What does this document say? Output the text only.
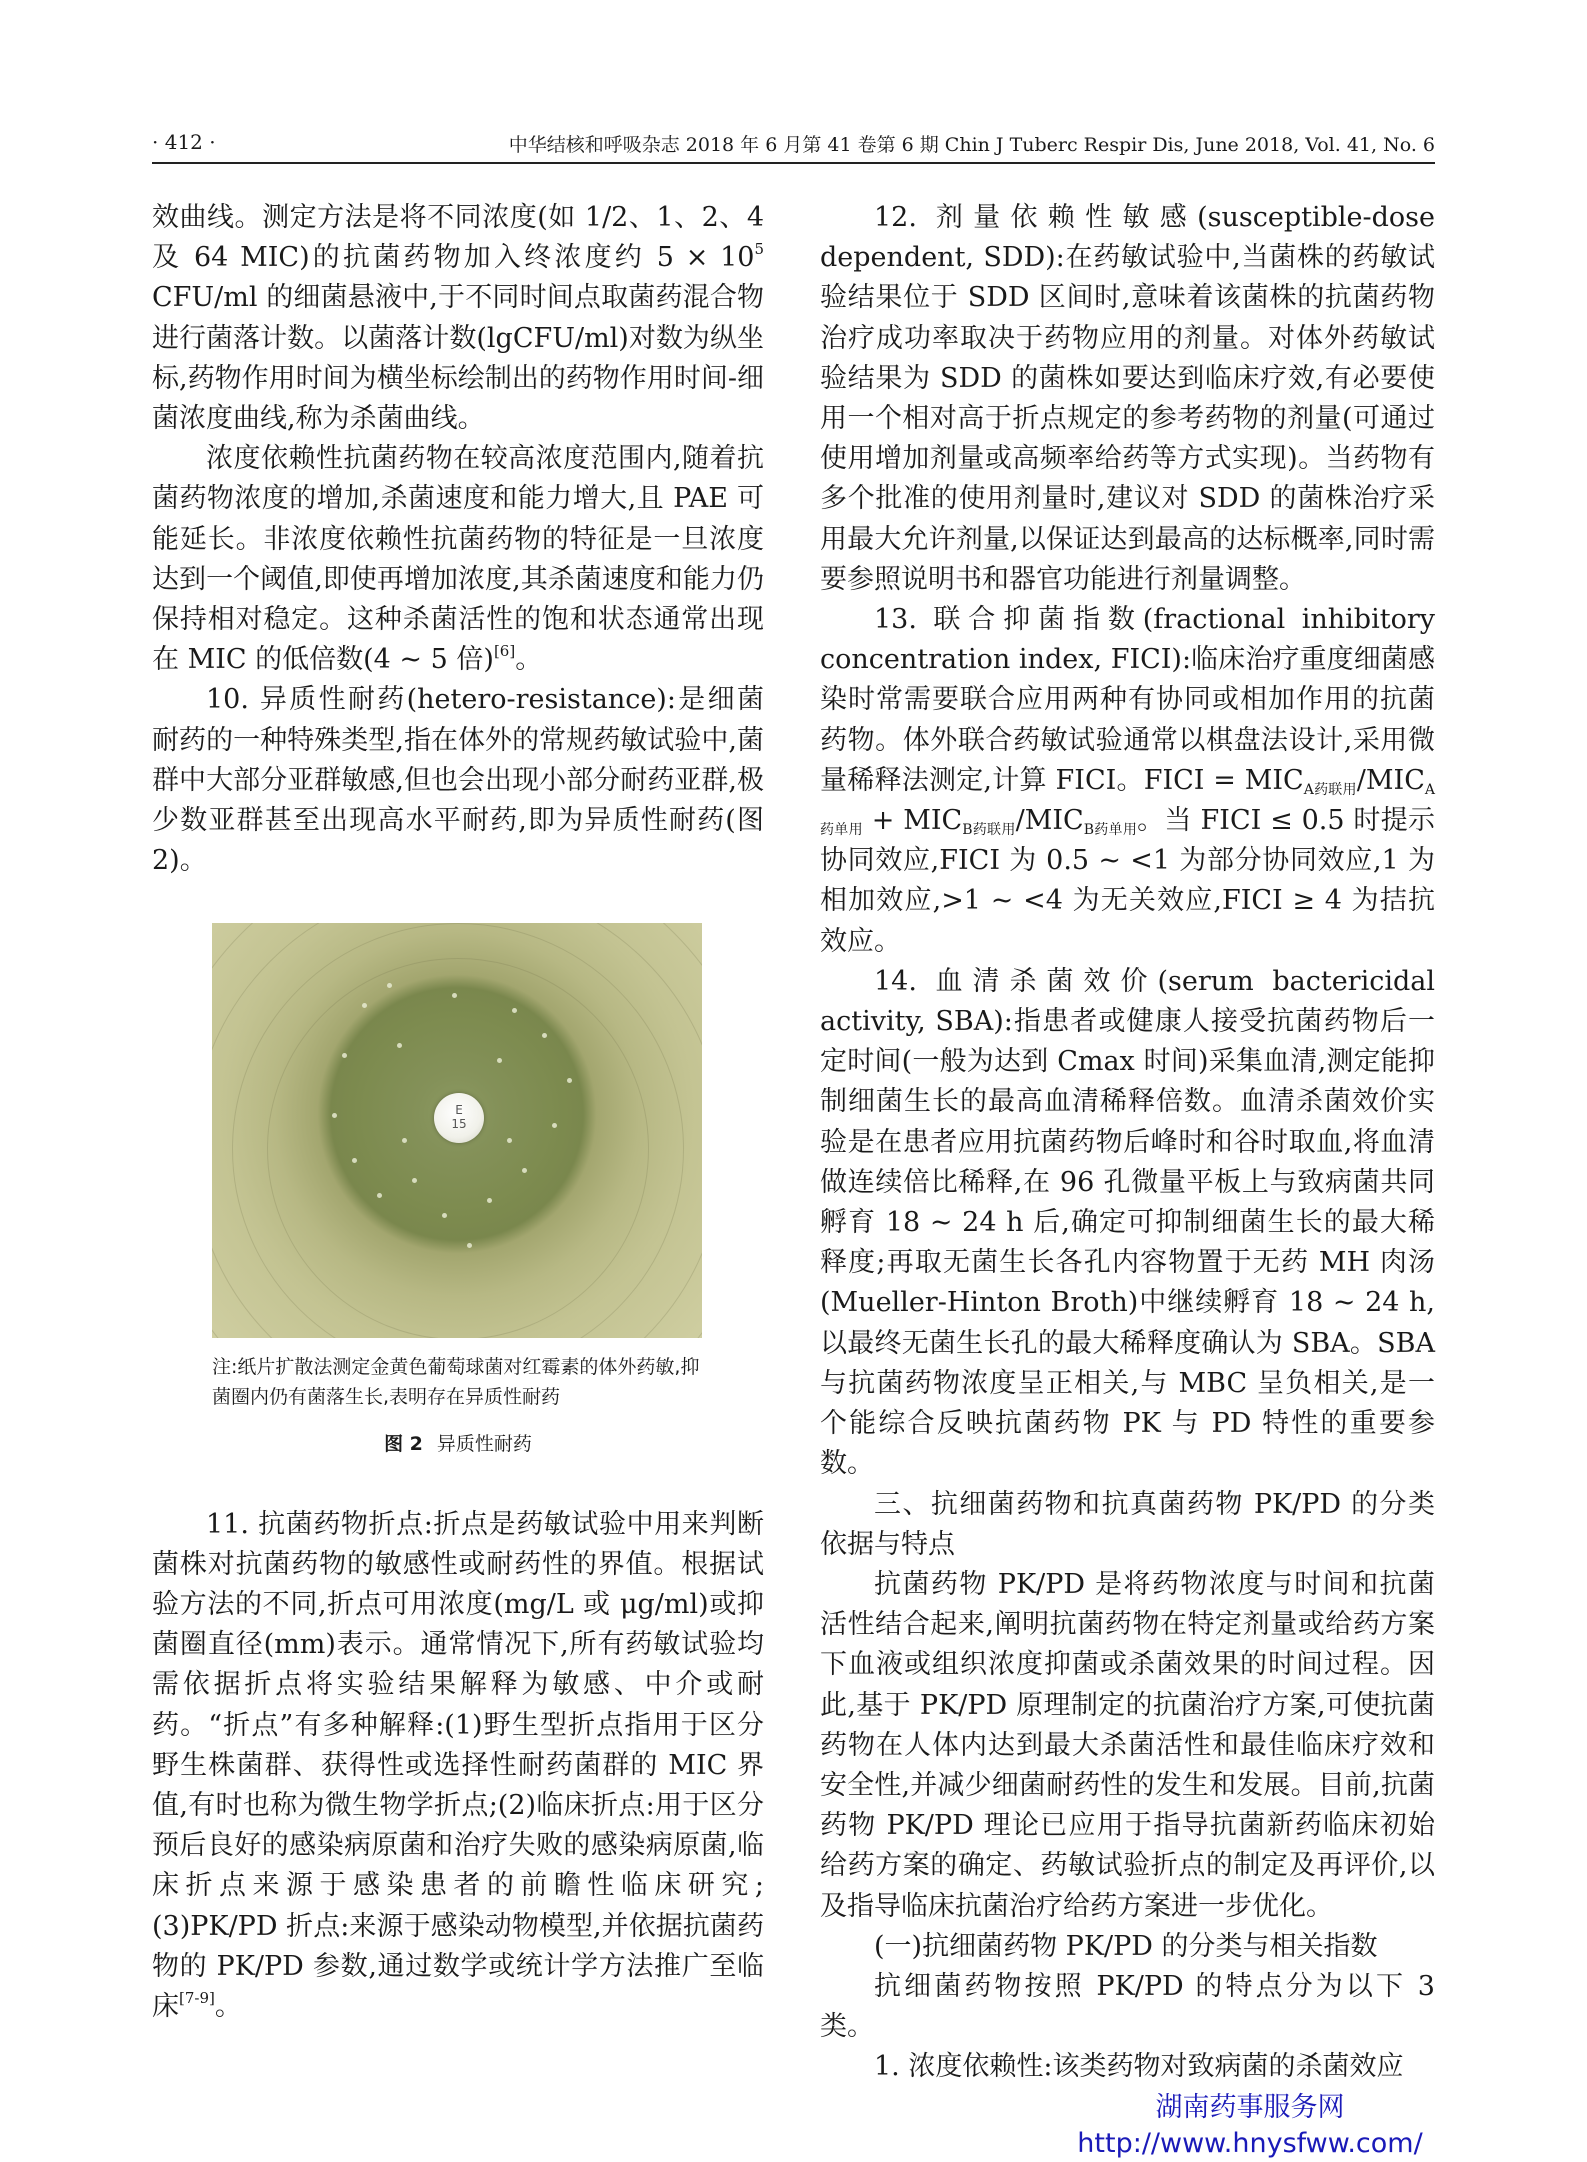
· 412 ·	中华结核和呼吸杂志 2018 年 6 月第 41 卷第 6 期 Chin J Tuberc Respir Dis, June 2018, Vol. 41, No. 6

效曲线。测定方法是将不同浓度(如 1/2、1、2、4 及 64 MIC)的抗菌药物加入终浓度约 $5 \times 10^5$ CFU/ml 的细菌悬液中,于不同时间点取菌药混合物进行菌落计数。以菌落计数(lgCFU/ml)对数为纵坐标,药物作用时间为横坐标绘制出的药物作用时间-细菌浓度曲线,称为杀菌曲线。

浓度依赖性抗菌药物在较高浓度范围内,随着抗菌药物浓度的增加,杀菌速度和能力增大,且 PAE 可能延长。非浓度依赖性抗菌药物的特征是一旦浓度达到一个阈值,即使再增加浓度,其杀菌速度和能力仍保持相对稳定。这种杀菌活性的饱和状态通常出现在 MIC 的低倍数(4 ~ 5 倍)[6]。

10. 异质性耐药(hetero-resistance):是细菌耐药的一种特殊类型,指在体外的常规药敏试验中,菌群中大部分亚群敏感,但也会出现小部分耐药亚群,极少数亚群甚至出现高水平耐药,即为异质性耐药(图 2)。

E
15
注:纸片扩散法测定金黄色葡萄球菌对红霉素的体外药敏,抑菌圈内仍有菌落生长,表明存在异质性耐药
图 2 异质性耐药

11. 抗菌药物折点:折点是药敏试验中用来判断菌株对抗菌药物的敏感性或耐药性的界值。根据试验方法的不同,折点可用浓度(mg/L 或 μg/ml)或抑菌圈直径(mm)表示。通常情况下,所有药敏试验均需依据折点将实验结果解释为敏感、中介或耐药。“折点”有多种解释:(1)野生型折点指用于区分野生株菌群、获得性或选择性耐药菌群的 MIC 界值,有时也称为微生物学折点;(2)临床折点:用于区分预后良好的感染病原菌和治疗失败的感染病原菌,临床折点来源于感染患者的前瞻性临床研究;(3)PK/PD 折点:来源于感染动物模型,并依据抗菌药物的 PK/PD 参数,通过数学或统计学方法推广至临床[7-9]。

12. 剂量依赖性敏感(susceptible-dose dependent, SDD):在药敏试验中,当菌株的药敏试验结果位于 SDD 区间时,意味着该菌株的抗菌药物治疗成功率取决于药物应用的剂量。对体外药敏试验结果为 SDD 的菌株如要达到临床疗效,有必要使用一个相对高于折点规定的参考药物的剂量(可通过使用增加剂量或高频率给药等方式实现)。当药物有多个批准的使用剂量时,建议对 SDD 的菌株治疗采用最大允许剂量,以保证达到最高的达标概率,同时需要参照说明书和器官功能进行剂量调整。

13. 联合抑菌指数(fractional inhibitory concentration index, FICI):临床治疗重度细菌感染时常需要联合应用两种有协同或相加作用的抗菌药物。体外联合药敏试验通常以棋盘法设计,采用微量稀释法测定,计算 FICI。FICI = $MIC_{A药联用}/MIC_{A药单用} + MIC_{B药联用}/MIC_{B药单用}$。当 FICI ≤ 0.5 时提示协同效应,FICI 为 0.5 ~ <1 为部分协同效应,1 为相加效应,>1 ~ <4 为无关效应,FICI ≥ 4 为拮抗效应。

14. 血清杀菌效价(serum bactericidal activity, SBA):指患者或健康人接受抗菌药物后一定时间(一般为达到 Cmax 时间)采集血清,测定能抑制细菌生长的最高血清稀释倍数。血清杀菌效价实验是在患者应用抗菌药物后峰时和谷时取血,将血清做连续倍比稀释,在 96 孔微量平板上与致病菌共同孵育 18 ~ 24 h 后,确定可抑制细菌生长的最大稀释度;再取无菌生长各孔内容物置于无药 MH 肉汤(Mueller-Hinton Broth)中继续孵育 18 ~ 24 h,以最终无菌生长孔的最大稀释度确认为 SBA。SBA 与抗菌药物浓度呈正相关,与 MBC 呈负相关,是一个能综合反映抗菌药物 PK 与 PD 特性的重要参数。

三、抗细菌药物和抗真菌药物 PK/PD 的分类依据与特点

抗菌药物 PK/PD 是将药物浓度与时间和抗菌活性结合起来,阐明抗菌药物在特定剂量或给药方案下血液或组织浓度抑菌或杀菌效果的时间过程。因此,基于 PK/PD 原理制定的抗菌治疗方案,可使抗菌药物在人体内达到最大杀菌活性和最佳临床疗效和安全性,并减少细菌耐药性的发生和发展。目前,抗菌药物 PK/PD 理论已应用于指导抗菌新药临床初始给药方案的确定、药敏试验折点的制定及再评价,以及指导临床抗菌治疗给药方案进一步优化。

(一)抗细菌药物 PK/PD 的分类与相关指数

抗细菌药物按照 PK/PD 的特点分为以下 3 类。

1. 浓度依赖性:该类药物对致病菌的杀菌效应

湖南药事服务网
http://www.hnysfww.com/
